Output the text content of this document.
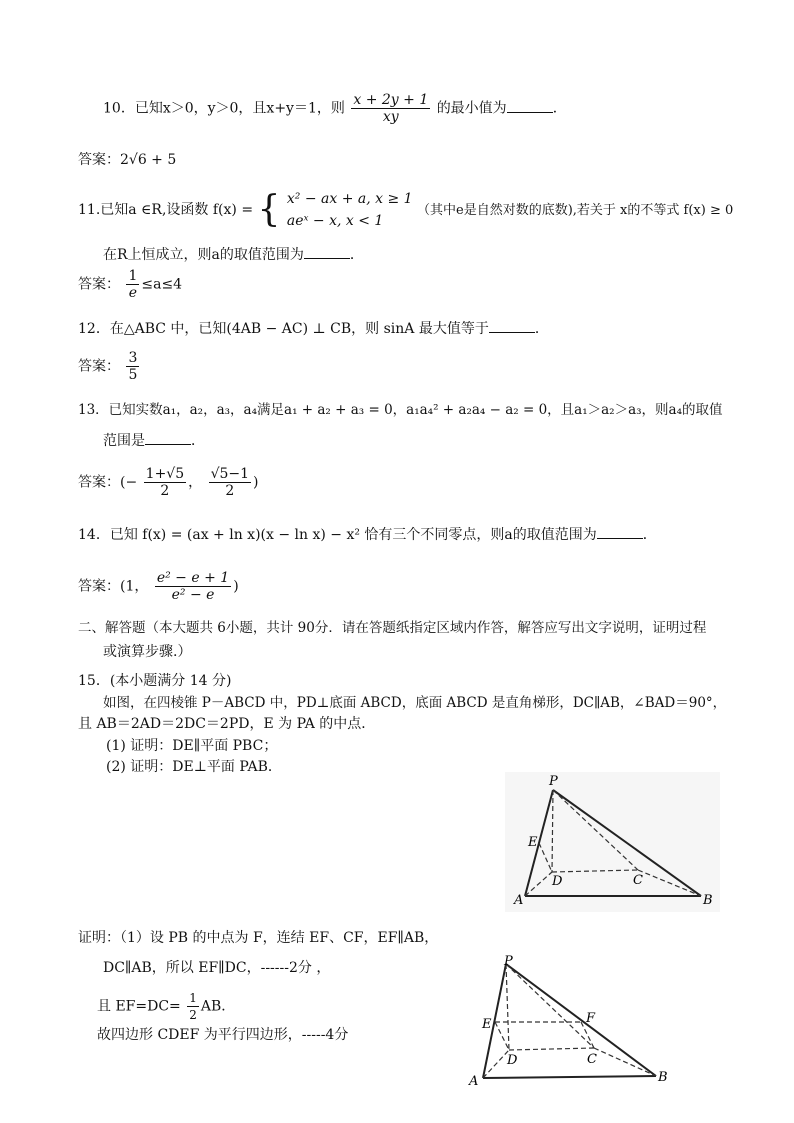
10．已知x＞0，y＞0，且x+y＝1，则 $\frac{x + 2y + 1}{xy}$ 的最小值为	．
答案：2√6 + 5
11.已知a ∈R,设函数 f(x) = { x² − ax + a, x ≥ 1
aeˣ − x, x < 1
（其中e是自然对数的底数),若关于 x的不等式 f(x) ≥ 0
在R上恒成立，则a的取值范围为	．
答案： $\frac{1}{e} \le a\le 4$
12．在△ABC 中，已知(4AB − AC) ⊥ CB，则 sinA 最大值等于	．
答案： $\frac{3}{5}$
13．已知实数a₁，a₂，a₃，a₄满足a₁ + a₂ + a₃ = 0，a₁a₄² + a₂a₄ − a₂ = 0，且a₁＞a₂＞a₃，则a₄的取值
范围是	．
答案：(− $\frac{1+√5}{2}$ ， $\frac{√5-1}{2}$ )
14．已知 f(x) = (ax + ln x)(x − ln x) − x² 恰有三个不同零点，则a的取值范围为	．
答案：(1， $\frac{\text{e² − e + 1}}{\text{e² − e}}$ )
二、解答题（本大题共 6小题，共计 90分．请在答题纸指定区域内作答，解答应写出文字说明，证明过程
或演算步骤.）
15．(本小题满分 14 分)
如图，在四棱锥 P－ABCD 中，PD⊥底面 ABCD，底面 ABCD 是直角梯形，DC∥AB，∠BAD＝90°，
且 AB＝2AD＝2DC＝2PD，E 为 PA 的中点．
(1) 证明：DE∥平面 PBC；
(2) 证明：DE⊥平面 PAB．
P
E
D	C
A	B
证明：（1）设 PB 的中点为 F，连结 EF、CF，EF∥AB，
DC∥AB，所以 EF∥DC，------2分 ，
且 $EF=DC= \frac{1}{2}$ AB．
故四边形 CDEF 为平行四边形，-----4分
P
E	F
D	C
A	B
